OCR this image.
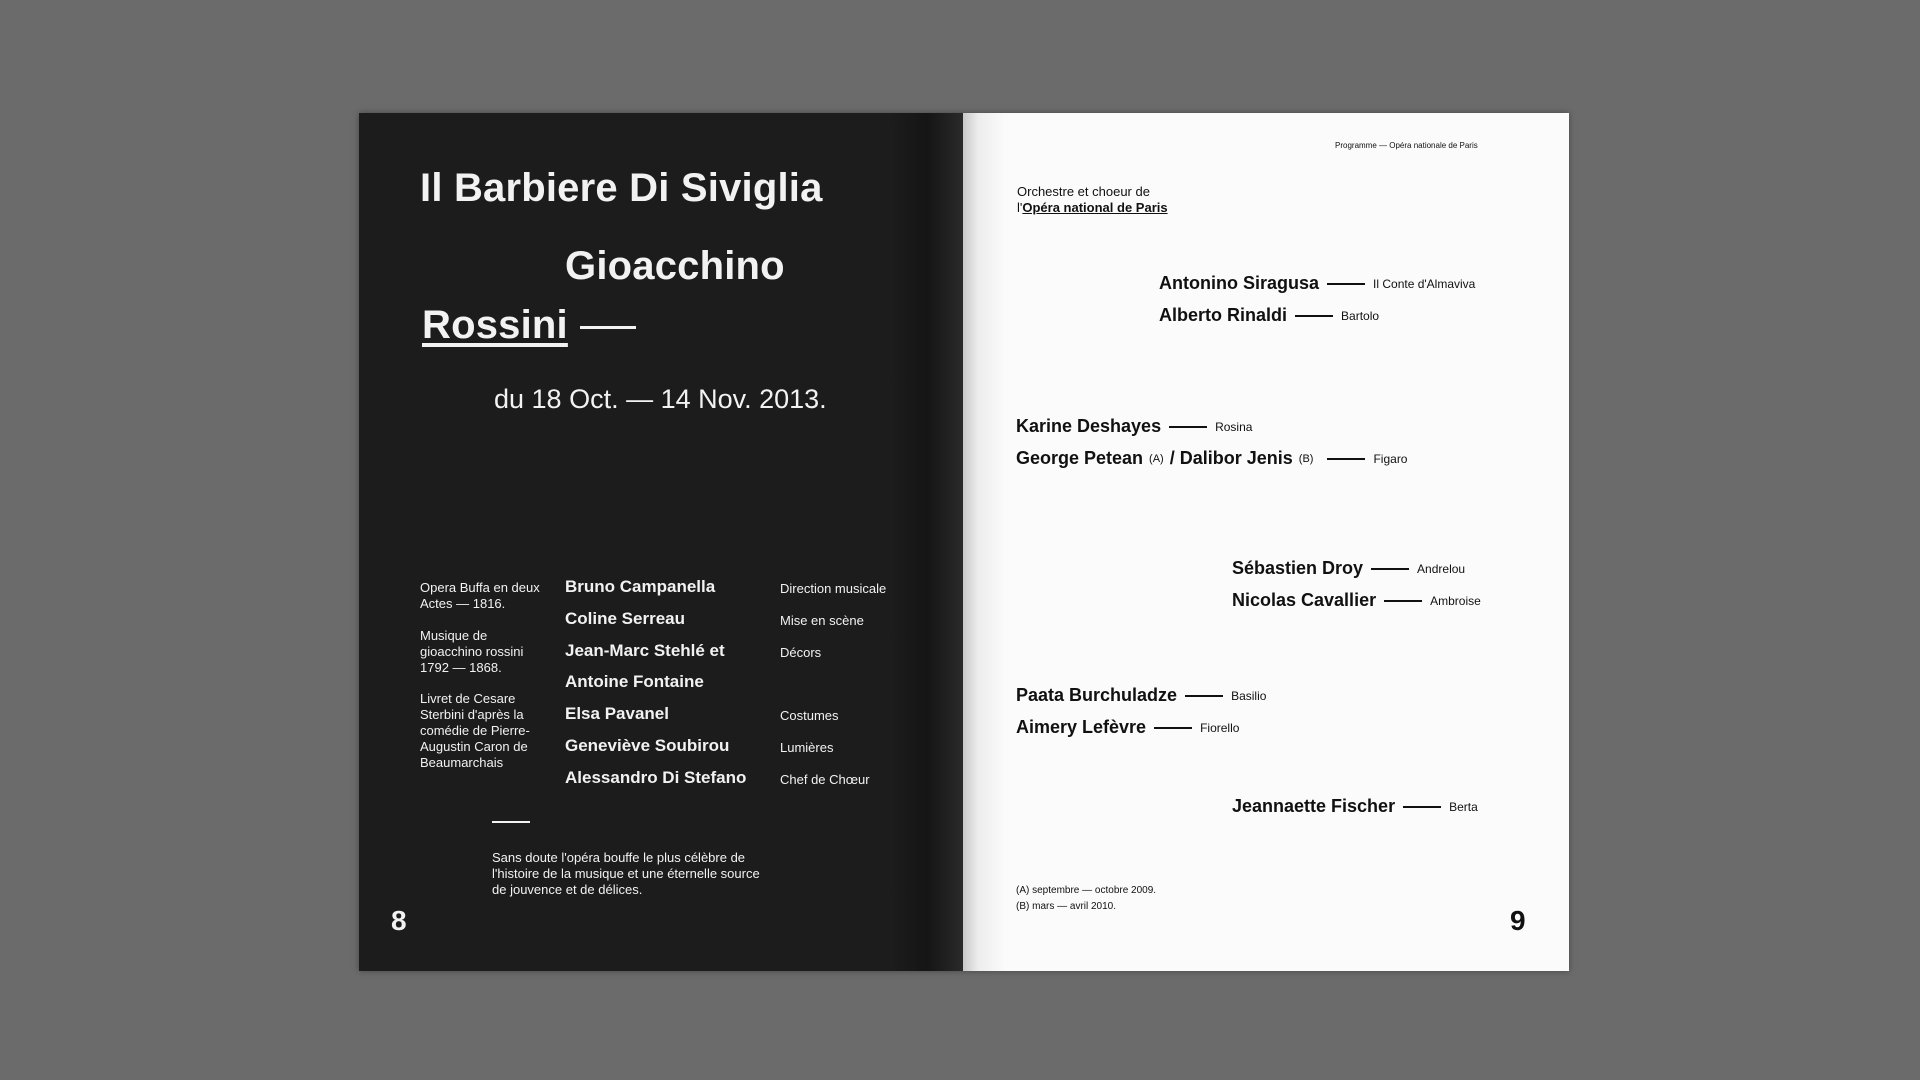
Il Barbiere Di Siviglia
Gioacchino
Rossini
du 18 Oct. — 14 Nov. 2013.
Opera Buffa en deux Actes — 1816.
Musique de gioacchino rossini 1792 — 1868.
Livret de Cesare Sterbini d'après la comédie de Pierre-Augustin Caron de Beaumarchais
Bruno Campanella	Direction musicale
Coline Serreau	Mise en scène
Jean-Marc Stehlé et	Décors
Antoine Fontaine
Elsa Pavanel	Costumes
Geneviève Soubirou	Lumières
Alessandro Di Stefano	Chef de Chœur
Sans doute l'opéra bouffe le plus célèbre de l'histoire de la musique et une éternelle source de jouvence et de délices.
8
Programme — Opéra nationale de Paris
Orchestre et choeur de
l'Opéra national de Paris
Antonino Siragusa	Il Conte d'Almaviva
Alberto Rinaldi	Bartolo
Karine Deshayes	Rosina
George Petean (A) /
Dalibor Jenis (B)	Figaro
Sébastien Droy	Andrelou
Nicolas Cavallier	Ambroise
Paata Burchuladze	Basilio
Aimery Lefèvre	Fiorello
Jeannaette Fischer	Berta
(A) septembre — octobre 2009.
(B) mars — avril 2010.	9
